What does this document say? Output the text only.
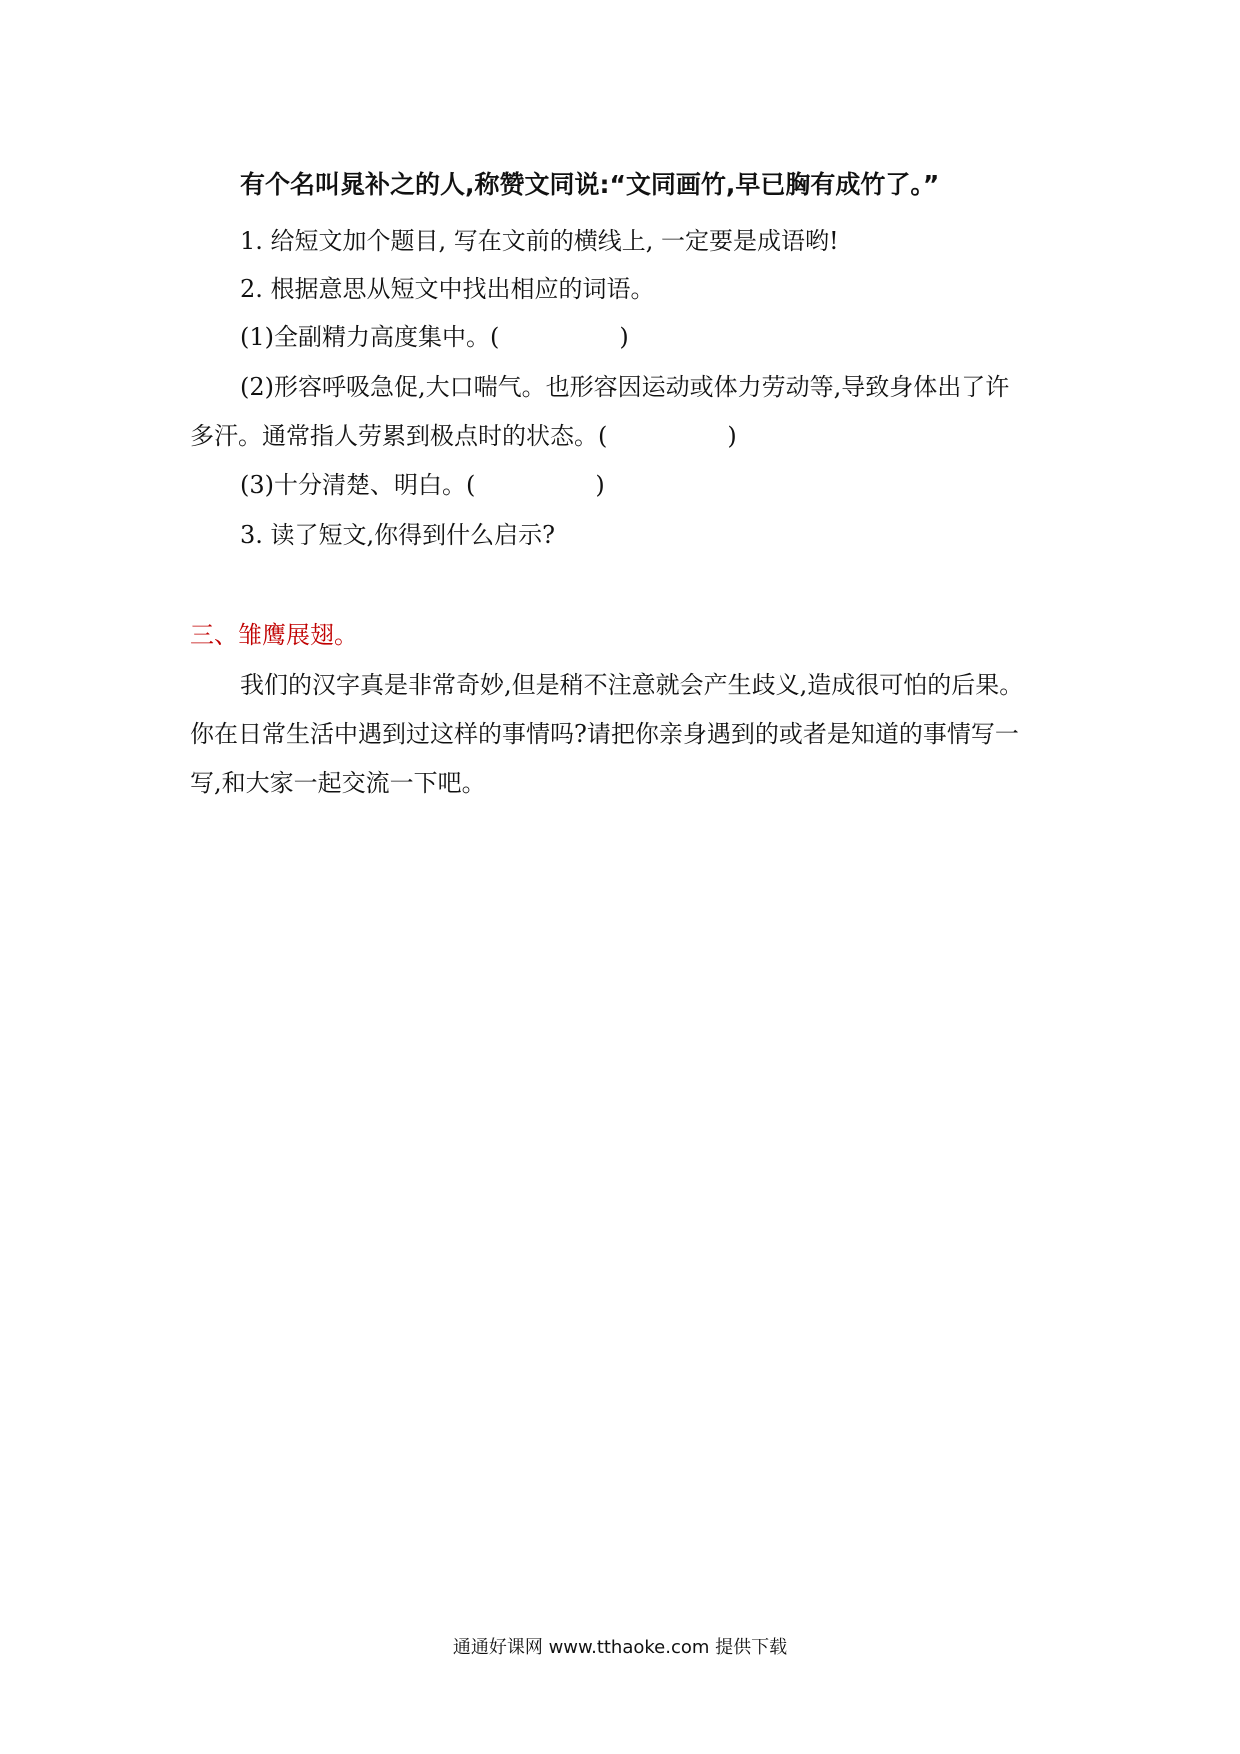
有个名叫晁补之的人,称赞文同说:“文同画竹,早已胸有成竹了。”
1. 给短文加个题目, 写在文前的横线上, 一定要是成语哟!
2. 根据意思从短文中找出相应的词语。
(1)全副精力高度集中。(	)
(2)形容呼吸急促,大口喘气。也形容因运动或体力劳动等,导致身体出了许
多汗。通常指人劳累到极点时的状态。(	)
(3)十分清楚、明白。(	)
3. 读了短文,你得到什么启示?
三、雏鹰展翅。
我们的汉字真是非常奇妙,但是稍不注意就会产生歧义,造成很可怕的后果。
你在日常生活中遇到过这样的事情吗?请把你亲身遇到的或者是知道的事情写一
写,和大家一起交流一下吧。
通通好课网 www.tthaoke.com 提供下载
